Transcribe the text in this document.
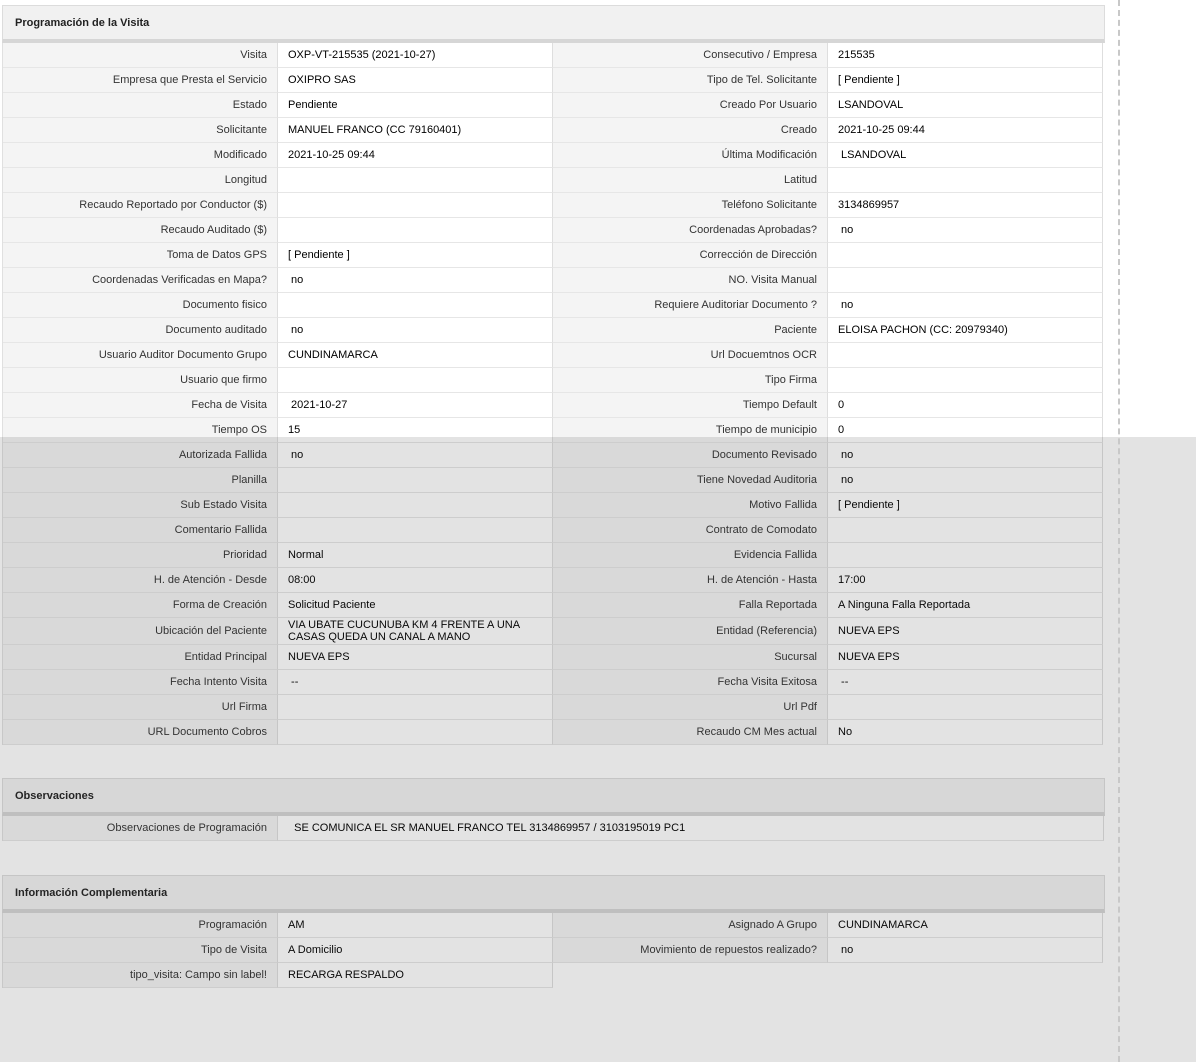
Programación de la Visita
Visita OXP-VT-215535 (2021-10-27)	Consecutivo / Empresa 215535
Empresa que Presta el Servicio OXIPRO SAS	Tipo de Tel. Solicitante [ Pendiente ]
Estado Pendiente	Creado Por Usuario LSANDOVAL
Solicitante MANUEL FRANCO (CC 79160401)	Creado 2021-10-25 09:44
Modificado 2021-10-25 09:44	Última Modificación LSANDOVAL
Longitud	Latitud
Recaudo Reportado por Conductor ($)	Teléfono Solicitante 3134869957
Recaudo Auditado ($)	Coordenadas Aprobadas? no
Toma de Datos GPS [ Pendiente ]	Corrección de Dirección
Coordenadas Verificadas en Mapa? no	NO. Visita Manual
Documento fisico	Requiere Auditoriar Documento ? no
Documento auditado no	Paciente ELOISA PACHON (CC: 20979340)
Usuario Auditor Documento Grupo CUNDINAMARCA	Url Docuemtnos OCR
Usuario que firmo	Tipo Firma
Fecha de Visita 2021-10-27	Tiempo Default 0
Tiempo OS 15	Tiempo de municipio 0
Autorizada Fallida no	Documento Revisado no
Planilla	Tiene Novedad Auditoria no
Sub Estado Visita	Motivo Fallida [ Pendiente ]
Comentario Fallida	Contrato de Comodato
Prioridad Normal	Evidencia Fallida
H. de Atención - Desde 08:00	H. de Atención - Hasta 17:00
Forma de Creación Solicitud Paciente	Falla Reportada A Ninguna Falla Reportada
Ubicación del Paciente VIA UBATE CUCUNUBA KM 4 FRENTE A UNA CASAS QUEDA UN CANAL A MANO	Entidad (Referencia) NUEVA EPS
Entidad Principal NUEVA EPS	Sucursal NUEVA EPS
Fecha Intento Visita --	Fecha Visita Exitosa --
Url Firma	Url Pdf
URL Documento Cobros	Recaudo CM Mes actual No
Observaciones
Observaciones de Programación	SE COMUNICA EL SR MANUEL FRANCO TEL 3134869957 / 3103195019 PC1
Información Complementaria
Programación AM	Asignado A Grupo CUNDINAMARCA
Tipo de Visita A Domicilio	Movimiento de repuestos realizado? no
tipo_visita: Campo sin label! RECARGA RESPALDO
